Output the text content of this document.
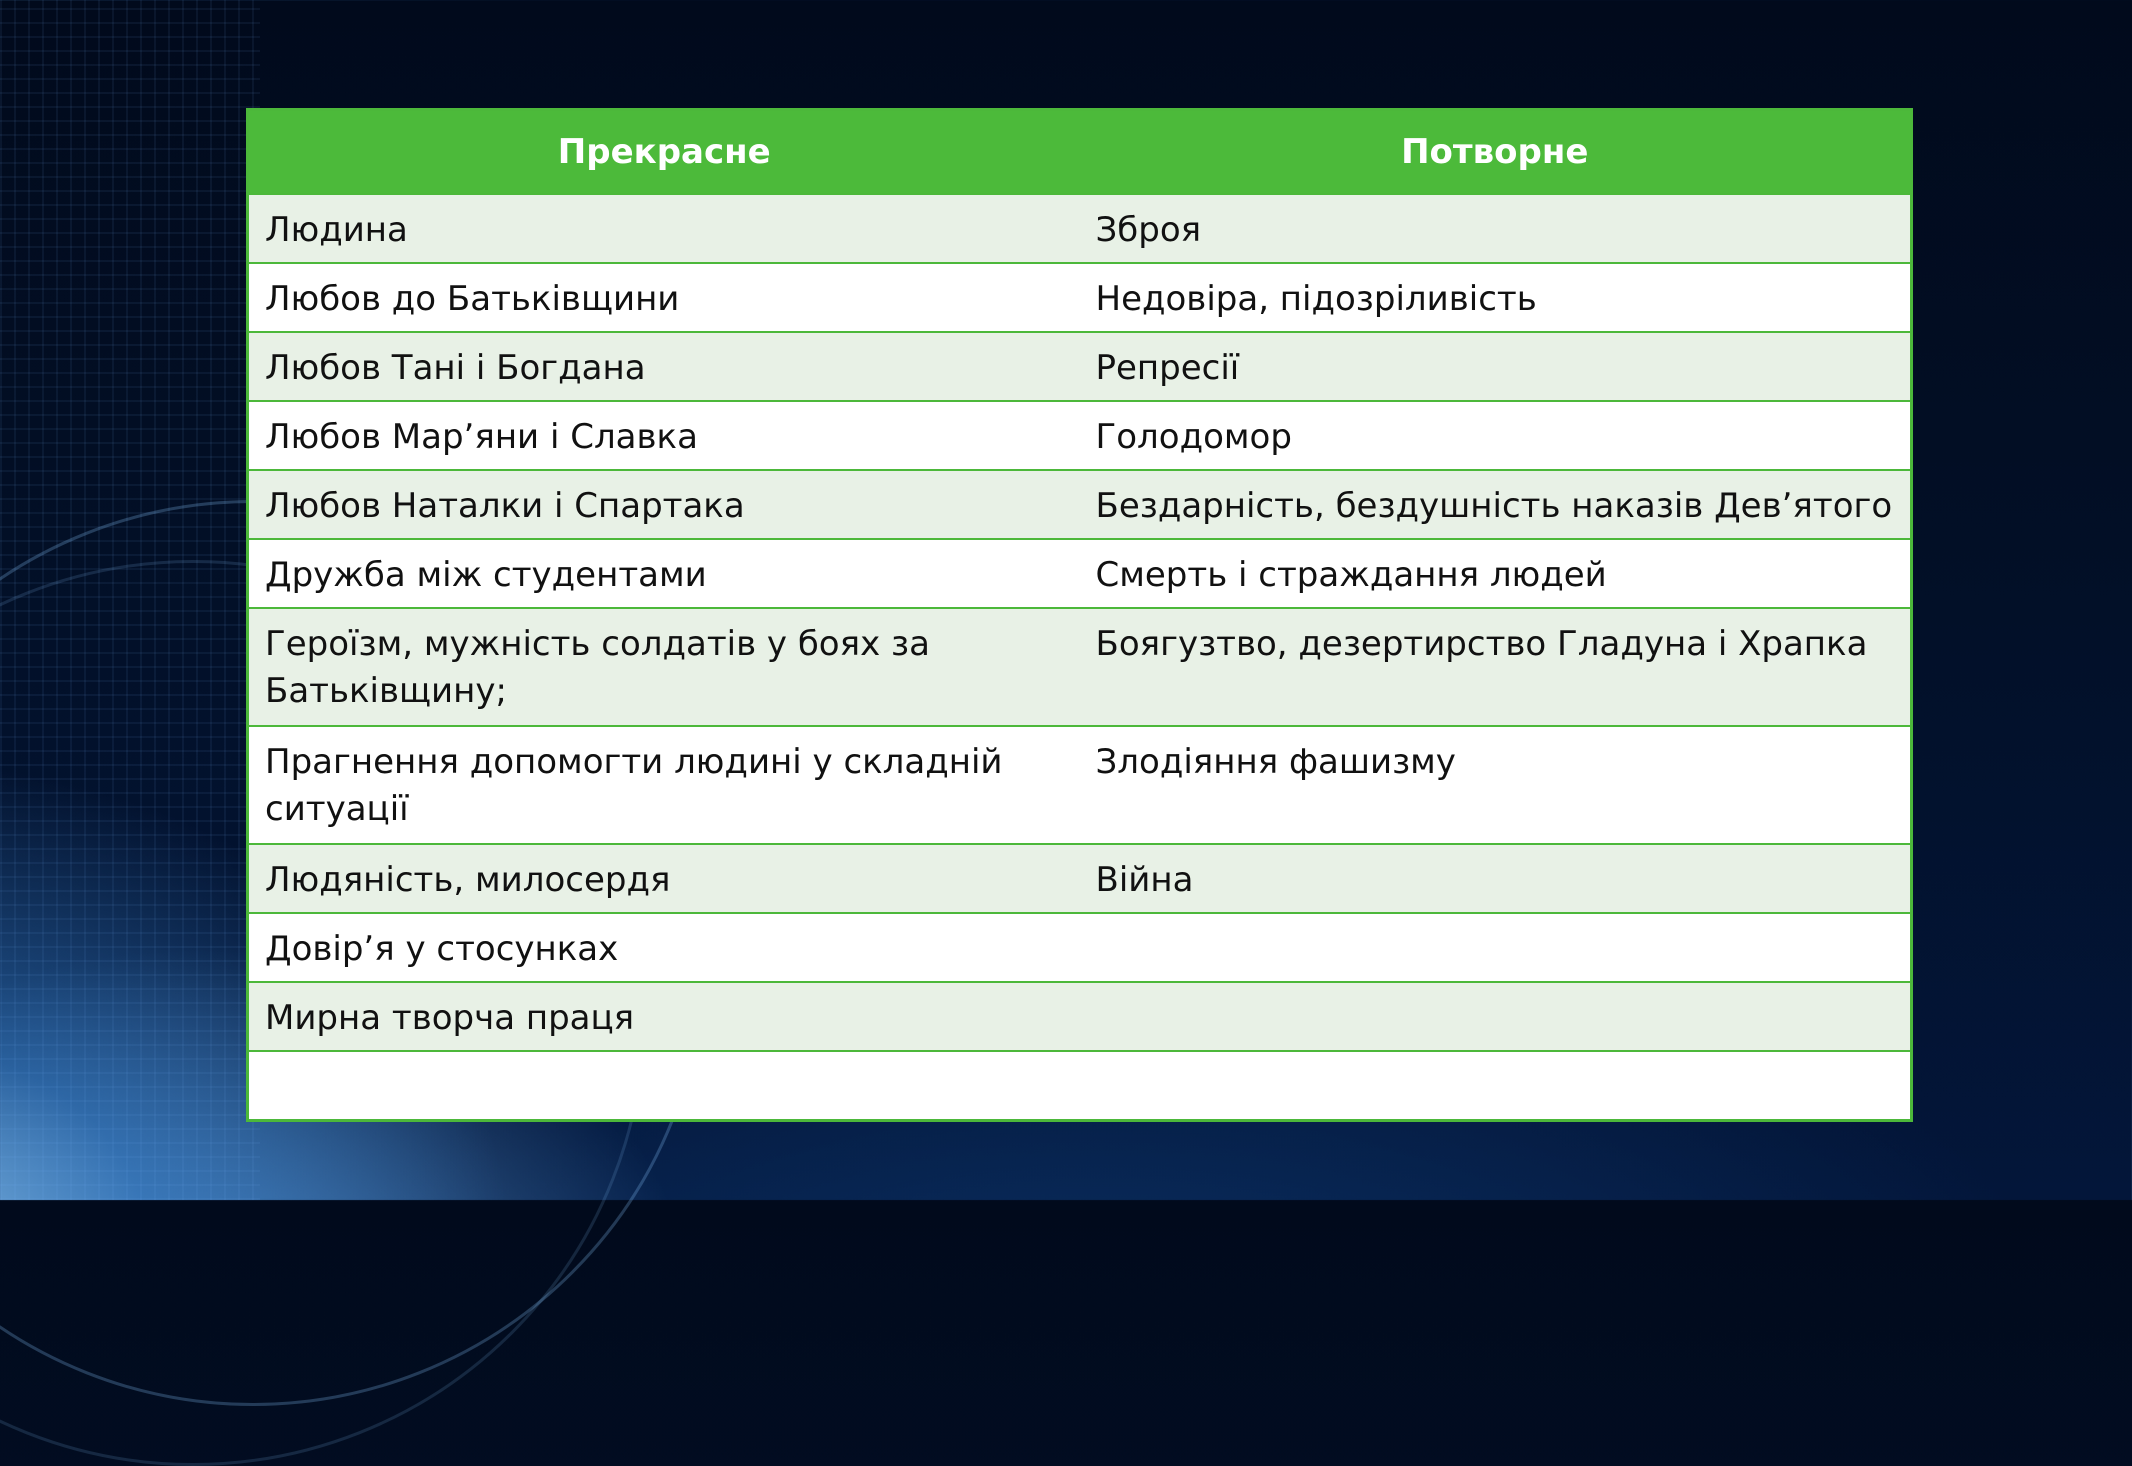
Прекрасне	Потворне
Людина	Зброя
Любов до Батьківщини	Недовіра, підозріливість
Любов Тані і Богдана	Репресії
Любов Мар’яни і Славка	Голодомор
Любов Наталки і Спартака	Бездарність, бездушність наказів Дев’ятого
Дружба між студентами	Смерть і страждання людей
Героїзм, мужність солдатів у боях за Батьківщину;	Боягузтво, дезертирство Гладуна і Храпка
Прагнення допомогти людині у складній ситуації	Злодіяння фашизму
Людяність, милосердя	Війна
Довір’я у стосунках	
Мирна творча праця	
